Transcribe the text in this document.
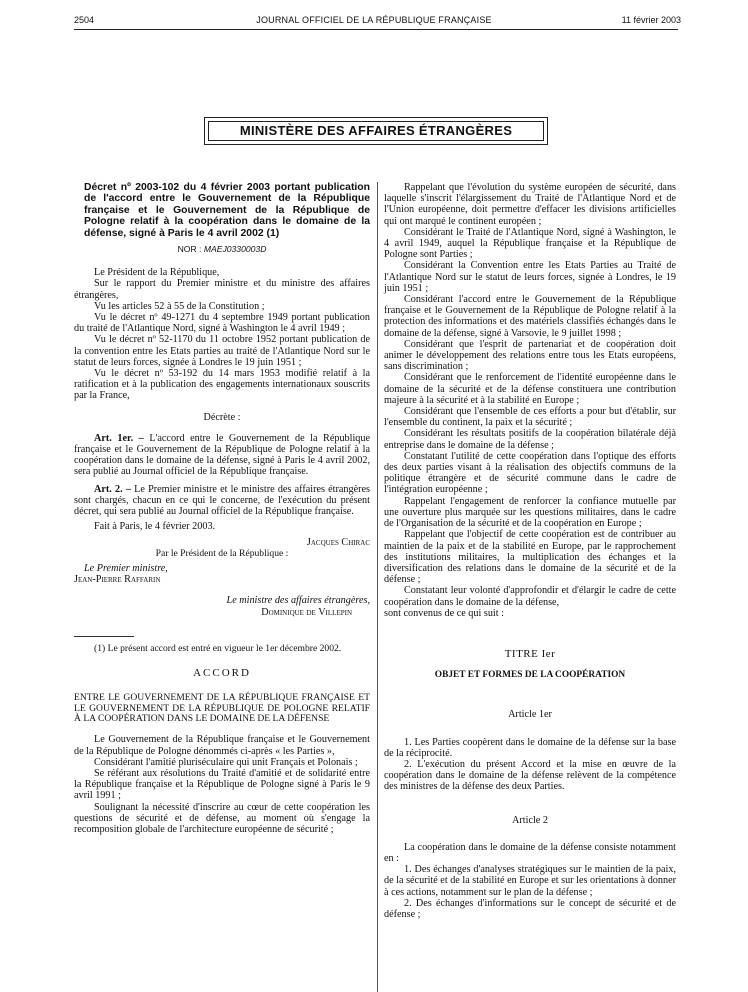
2504	JOURNAL OFFICIEL DE LA RÉPUBLIQUE FRANÇAISE	11 février 2003
MINISTÈRE DES AFFAIRES ÉTRANGÈRES

Décret nº 2003-102 du 4 février 2003 portant publication de l'accord entre le Gouvernement de la République française et le Gouvernement de la République de Pologne relatif à la coopération dans le domaine de la défense, signé à Paris le 4 avril 2002 (1)

NOR : MAEJ0330003D

Le Président de la République,

Sur le rapport du Premier ministre et du ministre des affaires étrangères,

Vu les articles 52 à 55 de la Constitution ;

Vu le décret nº 49-1271 du 4 septembre 1949 portant publication du traité de l'Atlantique Nord, signé à Washington le 4 avril 1949 ;

Vu le décret nº 52-1170 du 11 octobre 1952 portant publication de la convention entre les Etats parties au traité de l'Atlantique Nord sur le statut de leurs forces, signée à Londres le 19 juin 1951 ;

Vu le décret nº 53-192 du 14 mars 1953 modifié relatif à la ratification et à la publication des engagements internationaux souscrits par la France,

Décrète :

Art. 1er. – L'accord entre le Gouvernement de la République française et le Gouvernement de la République de Pologne relatif à la coopération dans le domaine de la défense, signé à Paris le 4 avril 2002, sera publié au Journal officiel de la République française.

Art. 2. – Le Premier ministre et le ministre des affaires étrangères sont chargés, chacun en ce qui le concerne, de l'exécution du présent décret, qui sera publié au Journal officiel de la République française.

Fait à Paris, le 4 février 2003.

Jacques Chirac

Par le Président de la République :

Le Premier ministre,

Jean-Pierre Raffarin

Le ministre des affaires étrangères,

Dominique de Villepin

(1) Le présent accord est entré en vigueur le 1er décembre 2002.

ACCORD

ENTRE LE GOUVERNEMENT DE LA RÉPUBLIQUE FRANÇAISE ET LE GOUVERNEMENT DE LA RÉPUBLIQUE DE POLOGNE RELATIF À LA COOPÉRATION DANS LE DOMAINE DE LA DÉFENSE

Le Gouvernement de la République française et le Gouvernement de la République de Pologne dénommés ci-après « les Parties »,

Considérant l'amitié pluriséculaire qui unit Français et Polonais ;

Se référant aux résolutions du Traité d'amitié et de solidarité entre la République française et la République de Pologne signé à Paris le 9 avril 1991 ;

Soulignant la nécessité d'inscrire au cœur de cette coopération les questions de sécurité et de défense, au moment où s'engage la recomposition globale de l'architecture européenne de sécurité ;

Rappelant que l'évolution du système européen de sécurité, dans laquelle s'inscrit l'élargissement du Traité de l'Atlantique Nord et de l'Union européenne, doit permettre d'effacer les divisions artificielles qui ont marqué le continent européen ;

Considérant le Traité de l'Atlantique Nord, signé à Washington, le 4 avril 1949, auquel la République française et la République de Pologne sont Parties ;

Considérant la Convention entre les Etats Parties au Traité de l'Atlantique Nord sur le statut de leurs forces, signée à Londres, le 19 juin 1951 ;

Considérant l'accord entre le Gouvernement de la République française et le Gouvernement de la République de Pologne relatif à la protection des informations et des matériels classifiés échangés dans le domaine de la défense, signé à Varsovie, le 9 juillet 1998 ;

Considérant que l'esprit de partenariat et de coopération doit animer le développement des relations entre tous les Etats européens, sans discrimination ;

Considérant que le renforcement de l'identité européenne dans le domaine de la sécurité et de la défense constituera une contribution majeure à la sécurité et à la stabilité en Europe ;

Considérant que l'ensemble de ces efforts a pour but d'établir, sur l'ensemble du continent, la paix et la sécurité ;

Considérant les résultats positifs de la coopération bilatérale déjà entreprise dans le domaine de la défense ;

Constatant l'utilité de cette coopération dans l'optique des efforts des deux parties visant à la réalisation des objectifs communs de la politique étrangère et de sécurité commune dans le cadre de l'intégration européenne ;

Rappelant l'engagement de renforcer la confiance mutuelle par une ouverture plus marquée sur les questions militaires, dans le cadre de l'Organisation de la sécurité et de la coopération en Europe ;

Rappelant que l'objectif de cette coopération est de contribuer au maintien de la paix et de la stabilité en Europe, par le rapprochement des institutions militaires, la multiplication des échanges et la diversification des relations dans le domaine de la sécurité et de la défense ;

Constatant leur volonté d'approfondir et d'élargir le cadre de cette coopération dans le domaine de la défense,

sont convenus de ce qui suit :

TITRE Ier
OBJET ET FORMES DE LA COOPÉRATION
Article 1er

1. Les Parties coopèrent dans le domaine de la défense sur la base de la réciprocité.

2. L'exécution du présent Accord et la mise en œuvre de la coopération dans le domaine de la défense relèvent de la compétence des ministres de la défense des deux Parties.

Article 2

La coopération dans le domaine de la défense consiste notamment en :

1. Des échanges d'analyses stratégiques sur le maintien de la paix, de la sécurité et de la stabilité en Europe et sur les orientations à donner à ces actions, notamment sur le plan de la défense ;

2. Des échanges d'informations sur le concept de sécurité et de défense ;
